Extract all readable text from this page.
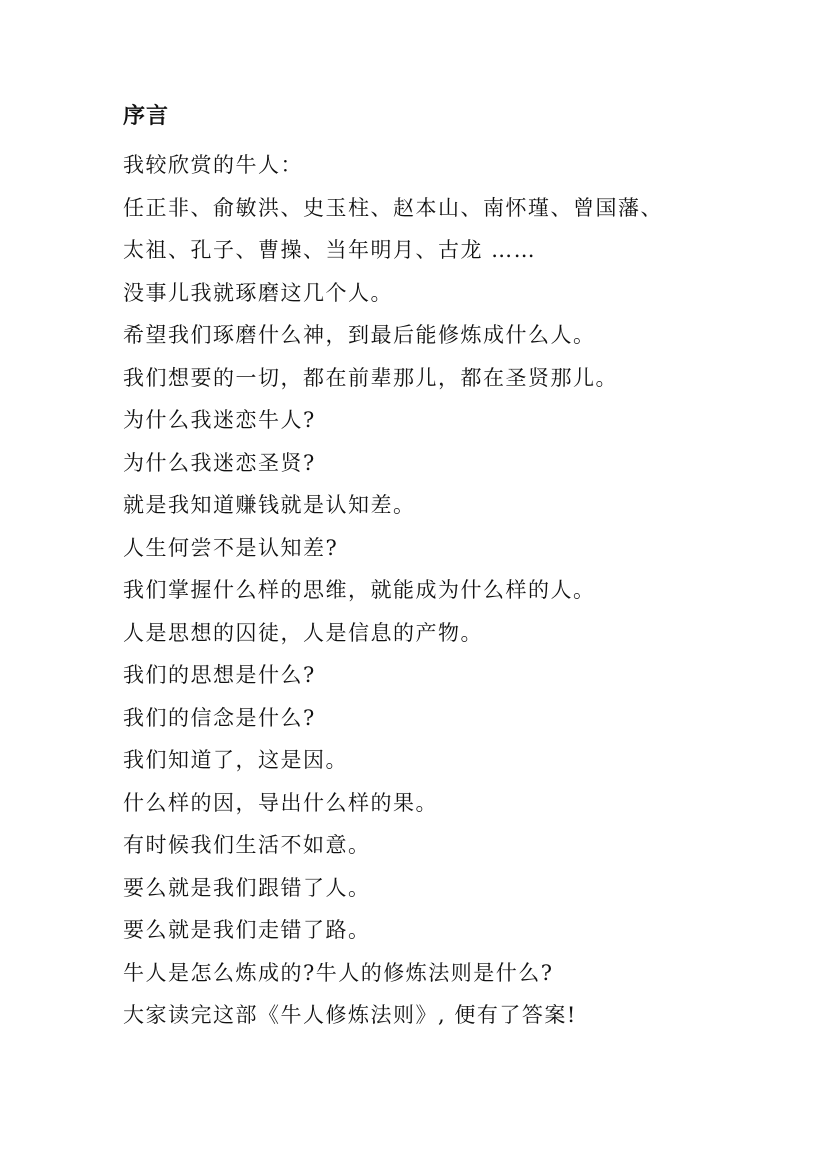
序言
我较欣赏的牛人：
任正非、俞敏洪、史玉柱、赵本山、南怀瑾、曾国藩、
太祖、孔子、曹操、当年明月、古龙 ……
没事儿我就琢磨这几个人。
希望我们琢磨什么神，到最后能修炼成什么人。
我们想要的一切，都在前辈那儿，都在圣贤那儿。
为什么我迷恋牛人?
为什么我迷恋圣贤?
就是我知道赚钱就是认知差。
人生何尝不是认知差?
我们掌握什么样的思维，就能成为什么样的人。
人是思想的囚徒，人是信息的产物。
我们的思想是什么?
我们的信念是什么?
我们知道了，这是因。
什么样的因，导出什么样的果。
有时候我们生活不如意。
要么就是我们跟错了人。
要么就是我们走错了路。
牛人是怎么炼成的?牛人的修炼法则是什么?
大家读完这部《牛人修炼法则》, 便有了答案!
